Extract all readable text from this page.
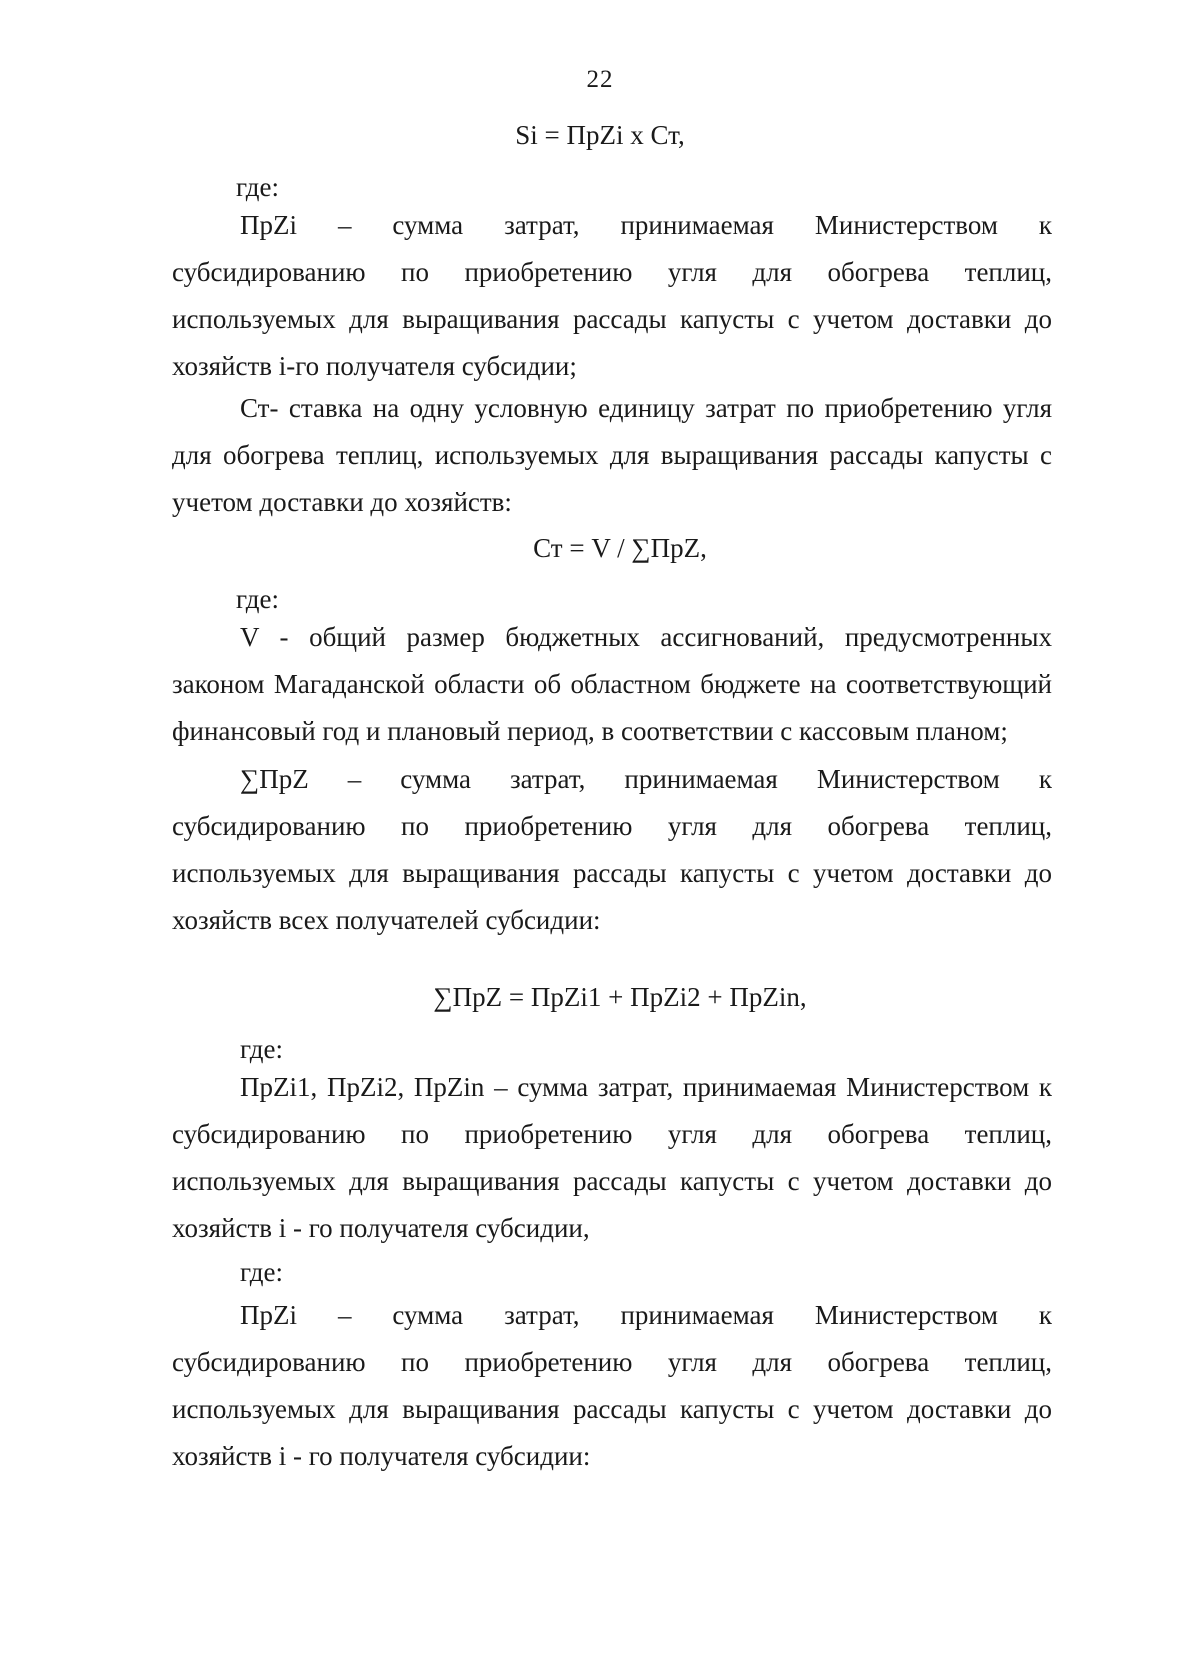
22
Si = ПрZi x Ст,
где:
ПрZi – сумма затрат, принимаемая Министерством к
субсидированию по приобретению угля для обогрева теплиц,
используемых для выращивания рассады капусты с учетом доставки до
хозяйств i-го получателя субсидии;
Ст- ставка на одну условную единицу затрат по приобретению угля
для обогрева теплиц, используемых для выращивания рассады капусты с
учетом доставки до хозяйств:
Ст = V / ∑ПрZ,
где:
V - общий размер бюджетных ассигнований, предусмотренных
законом Магаданской области об областном бюджете на соответствующий
финансовый год и плановый период, в соответствии с кассовым планом;
∑ПрZ – сумма затрат, принимаемая Министерством к
субсидированию по приобретению угля для обогрева теплиц,
используемых для выращивания рассады капусты с учетом доставки до
хозяйств всех получателей субсидии:
∑ПрZ = ПрZi1 + ПрZi2 + ПрZin,
где:
ПрZi1, ПрZi2, ПрZin – сумма затрат, принимаемая Министерством к
субсидированию по приобретению угля для обогрева теплиц,
используемых для выращивания рассады капусты с учетом доставки до
хозяйств i - го получателя субсидии,
где:
ПрZi – сумма затрат, принимаемая Министерством к
субсидированию по приобретению угля для обогрева теплиц,
используемых для выращивания рассады капусты с учетом доставки до
хозяйств i - го получателя субсидии:
